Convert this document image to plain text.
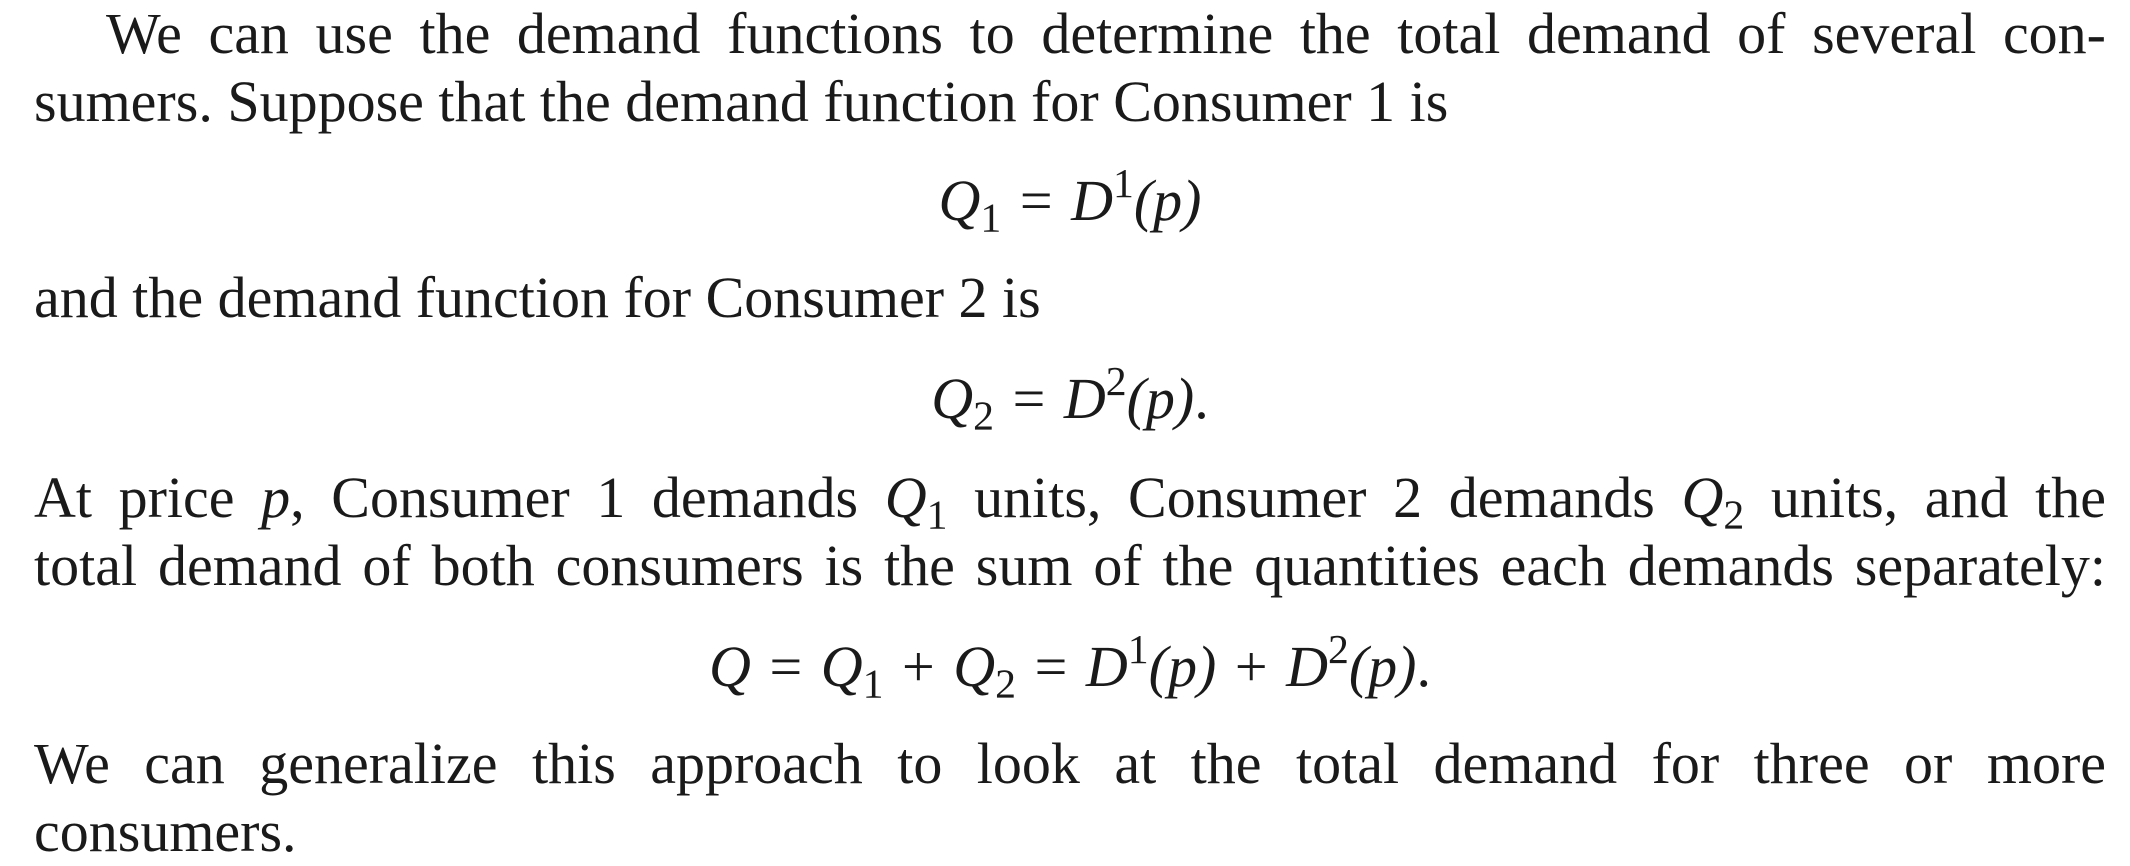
We can use the demand functions to determine the total demand of several con-
sumers. Suppose that the demand function for Consumer 1 is
$Q_1 = D^1(p)$
and the demand function for Consumer 2 is
$Q_2 = D^2(p)$.
At price p, Consumer 1 demands $Q_1$ units, Consumer 2 demands $Q_2$ units, and the
total demand of both consumers is the sum of the quantities each demands separately:
$Q = Q_1 + Q_2 = D^1(p) + D^2(p)$.
We can generalize this approach to look at the total demand for three or more
consumers.
